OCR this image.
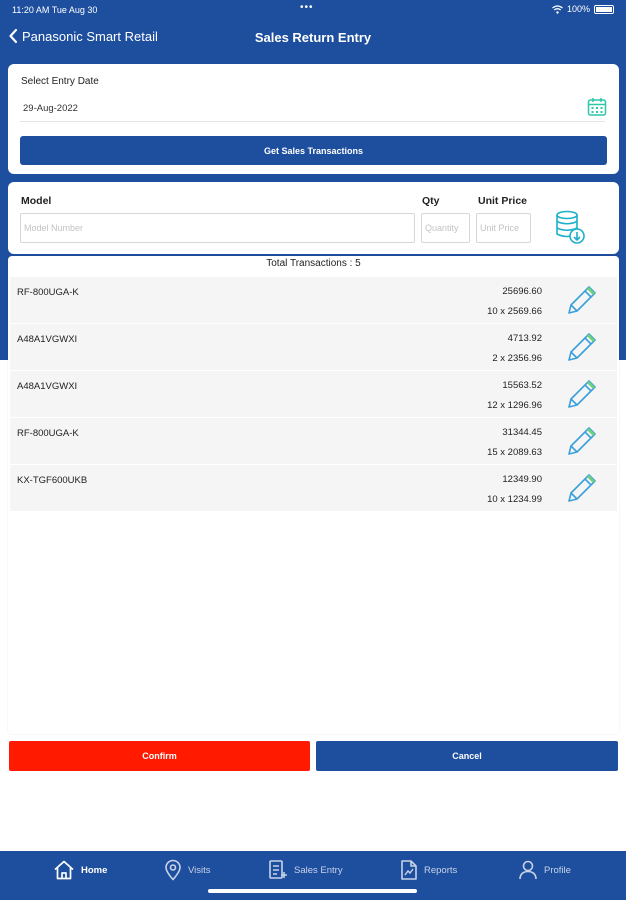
11:20 AM Tue Aug 30	•••	100%
Panasonic Smart Retail	Sales Return Entry
Select Entry Date
29-Aug-2022
Get Sales Transactions
Model	Qty	Unit Price
Model Number
Quantity
Unit Price
Total Transactions : 5
RF-800UGA-K	25696.60
10 x 2569.66
A48A1VGWXI	4713.92
2 x 2356.96
A48A1VGWXI	15563.52
12 x 1296.96
RF-800UGA-K	31344.45
15 x 2089.63
KX-TGF600UKB	12349.90
10 x 1234.99
Confirm	Cancel
Home	Visits	Sales Entry	Reports	Profile
